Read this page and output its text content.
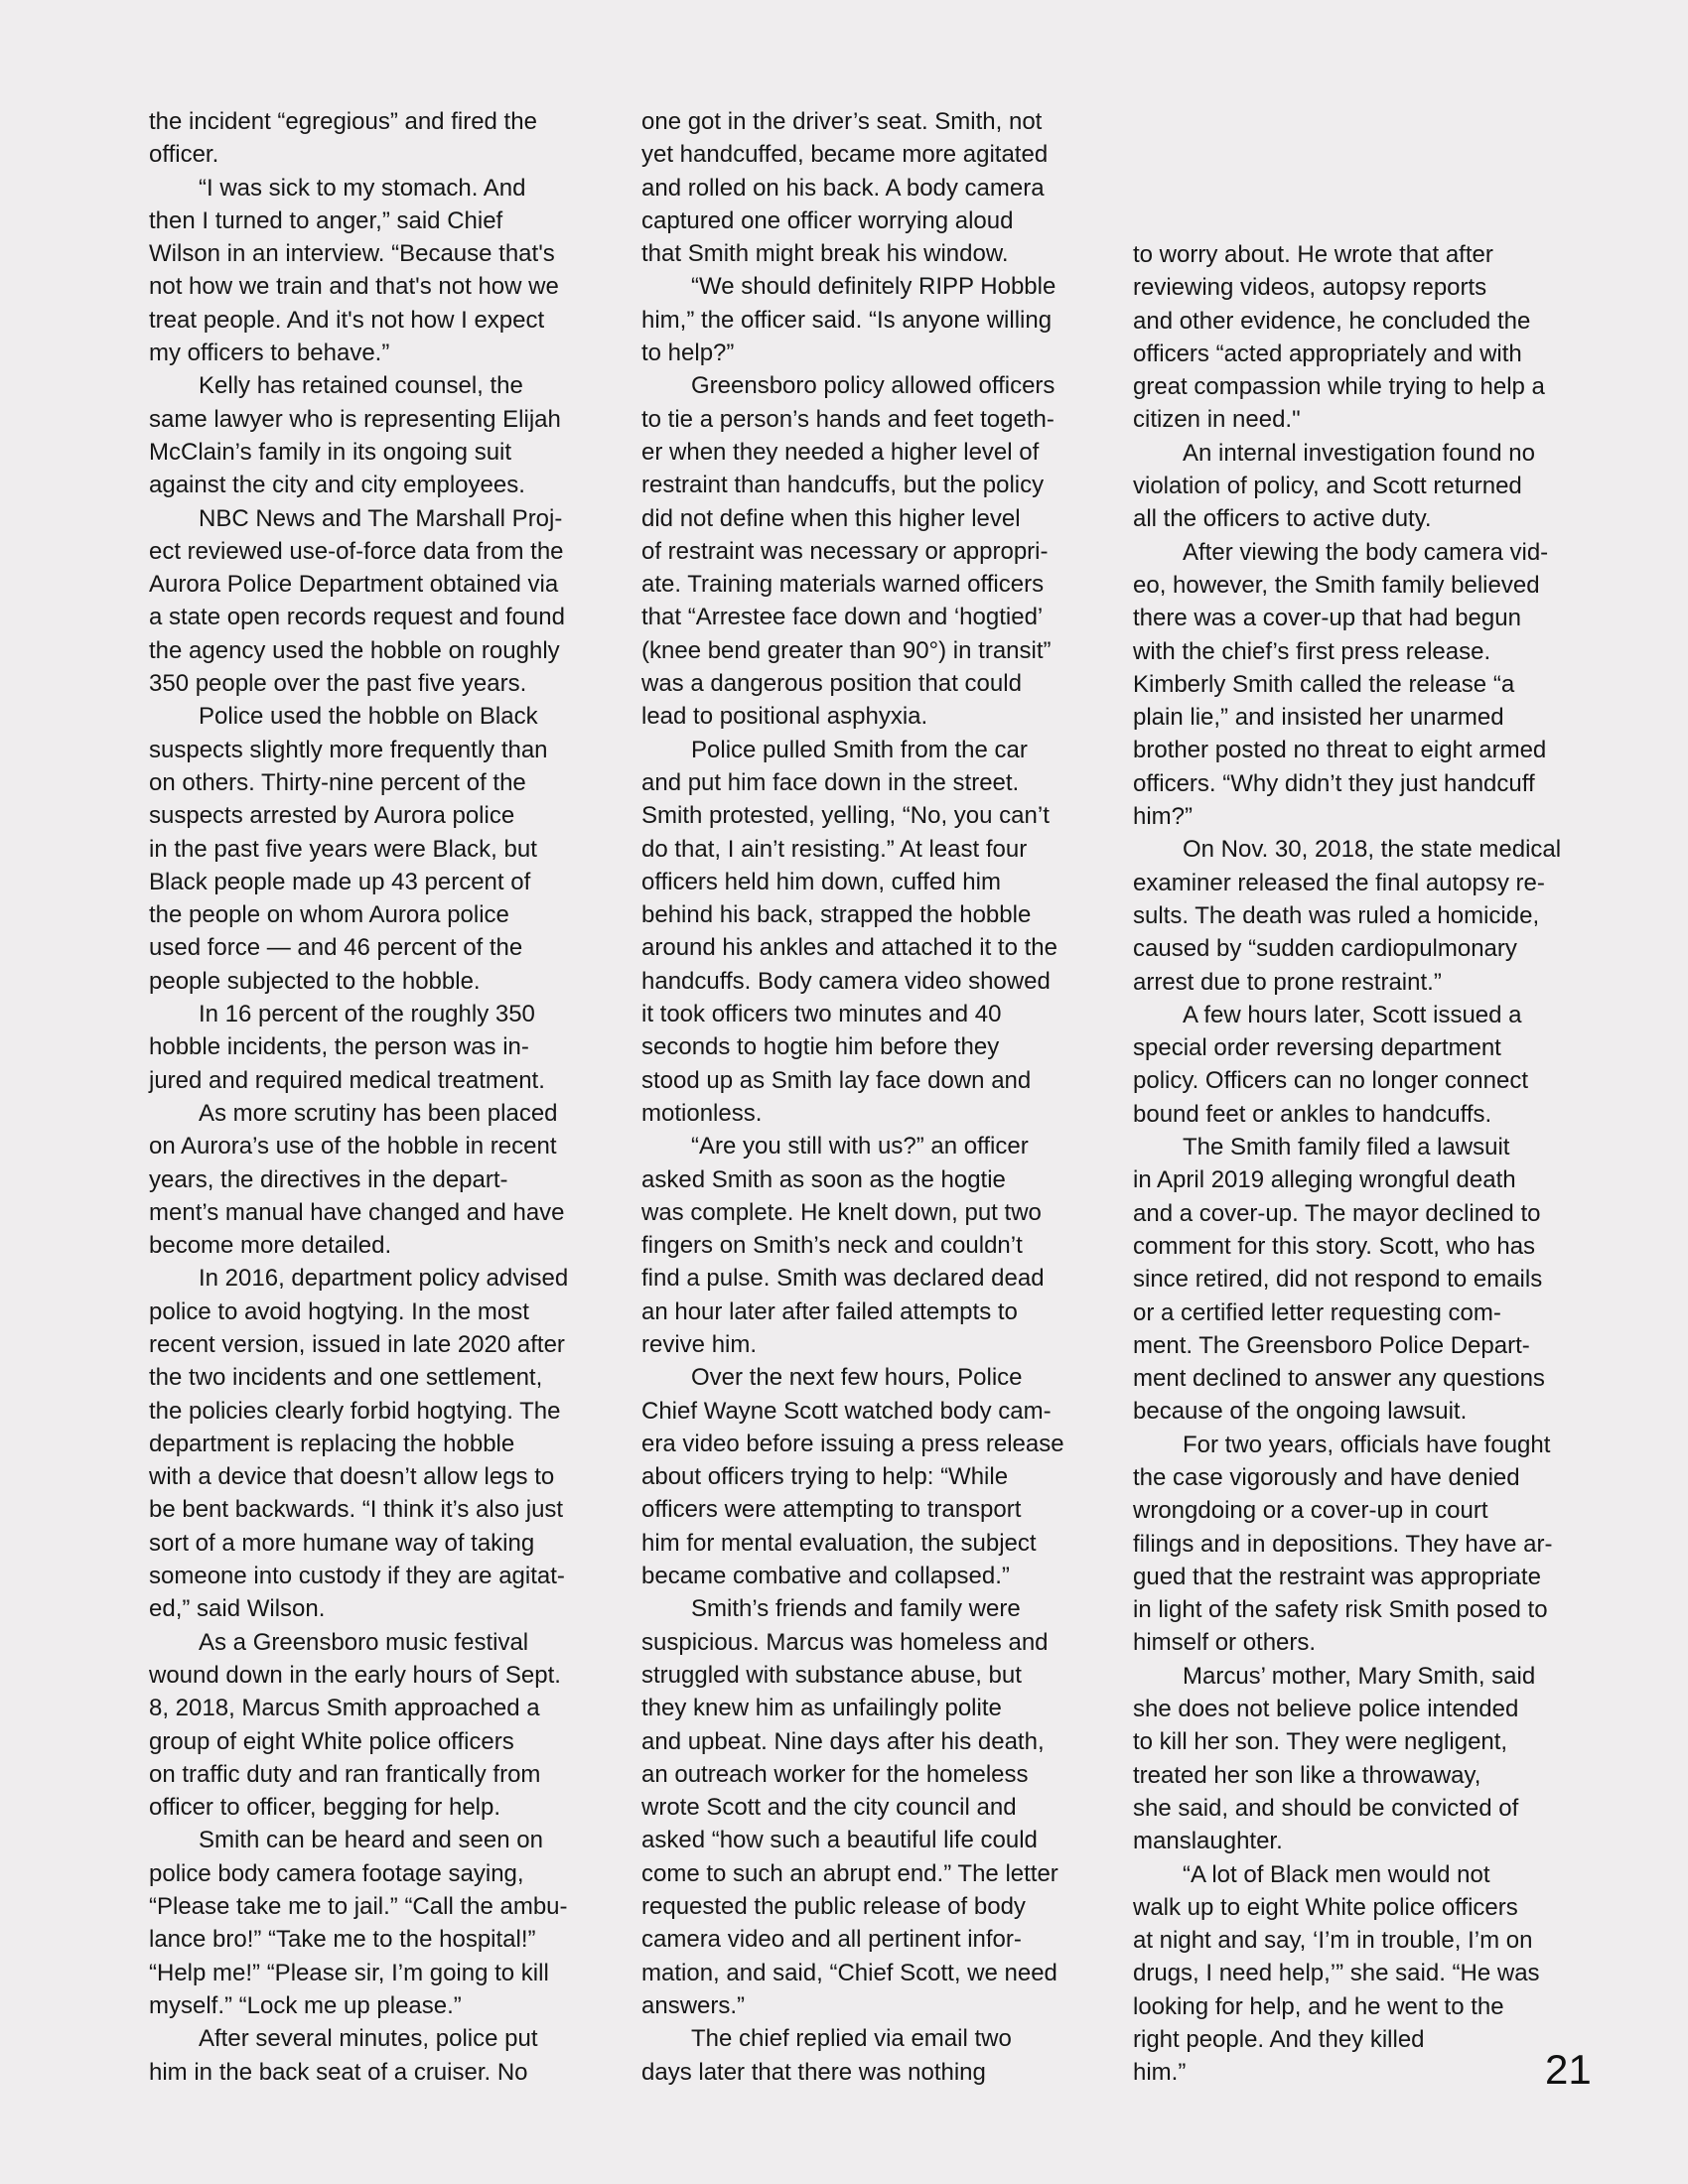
the incident “egregious” and fired the
officer.
“I was sick to my stomach. And
then I turned to anger,” said Chief
Wilson in an interview. “Because that's
not how we train and that's not how we
treat people. And it's not how I expect
my officers to behave.”
Kelly has retained counsel, the
same lawyer who is representing Elijah
McClain’s family in its ongoing suit
against the city and city employees.
NBC News and The Marshall Proj-
ect reviewed use-of-force data from the
Aurora Police Department obtained via
a state open records request and found
the agency used the hobble on roughly
350 people over the past five years.
Police used the hobble on Black
suspects slightly more frequently than
on others. Thirty-nine percent of the
suspects arrested by Aurora police
in the past five years were Black, but
Black people made up 43 percent of
the people on whom Aurora police
used force — and 46 percent of the
people subjected to the hobble.
In 16 percent of the roughly 350
hobble incidents, the person was in-
jured and required medical treatment.
As more scrutiny has been placed
on Aurora’s use of the hobble in recent
years, the directives in the depart-
ment’s manual have changed and have
become more detailed.
In 2016, department policy advised
police to avoid hogtying. In the most
recent version, issued in late 2020 after
the two incidents and one settlement,
the policies clearly forbid hogtying. The
department is replacing the hobble
with a device that doesn’t allow legs to
be bent backwards. “I think it’s also just
sort of a more humane way of taking
someone into custody if they are agitat-
ed,” said Wilson.
As a Greensboro music festival
wound down in the early hours of Sept.
8, 2018, Marcus Smith approached a
group of eight White police officers
on traffic duty and ran frantically from
officer to officer, begging for help.
Smith can be heard and seen on
police body camera footage saying,
“Please take me to jail.” “Call the ambu-
lance bro!” “Take me to the hospital!”
“Help me!” “Please sir, I’m going to kill
myself.” “Lock me up please.”
After several minutes, police put
him in the back seat of a cruiser. No
one got in the driver’s seat. Smith, not
yet handcuffed, became more agitated
and rolled on his back. A body camera
captured one officer worrying aloud
that Smith might break his window.
“We should definitely RIPP Hobble
him,” the officer said. “Is anyone willing
to help?”
Greensboro policy allowed officers
to tie a person’s hands and feet togeth-
er when they needed a higher level of
restraint than handcuffs, but the policy
did not define when this higher level
of restraint was necessary or appropri-
ate. Training materials warned officers
that “Arrestee face down and ‘hogtied’
(knee bend greater than 90°) in transit”
was a dangerous position that could
lead to positional asphyxia.
Police pulled Smith from the car
and put him face down in the street.
Smith protested, yelling, “No, you can’t
do that, I ain’t resisting.” At least four
officers held him down, cuffed him
behind his back, strapped the hobble
around his ankles and attached it to the
handcuffs. Body camera video showed
it took officers two minutes and 40
seconds to hogtie him before they
stood up as Smith lay face down and
motionless.
“Are you still with us?” an officer
asked Smith as soon as the hogtie
was complete. He knelt down, put two
fingers on Smith’s neck and couldn’t
find a pulse. Smith was declared dead
an hour later after failed attempts to
revive him.
Over the next few hours, Police
Chief Wayne Scott watched body cam-
era video before issuing a press release
about officers trying to help: “While
officers were attempting to transport
him for mental evaluation, the subject
became combative and collapsed.”
Smith’s friends and family were
suspicious. Marcus was homeless and
struggled with substance abuse, but
they knew him as unfailingly polite
and upbeat. Nine days after his death,
an outreach worker for the homeless
wrote Scott and the city council and
asked “how such a beautiful life could
come to such an abrupt end.” The letter
requested the public release of body
camera video and all pertinent infor-
mation, and said, “Chief Scott, we need
answers.”
The chief replied via email two
days later that there was nothing
to worry about. He wrote that after
reviewing videos, autopsy reports
and other evidence, he concluded the
officers “acted appropriately and with
great compassion while trying to help a
citizen in need."
An internal investigation found no
violation of policy, and Scott returned
all the officers to active duty.
After viewing the body camera vid-
eo, however, the Smith family believed
there was a cover-up that had begun
with the chief’s first press release.
Kimberly Smith called the release “a
plain lie,” and insisted her unarmed
brother posted no threat to eight armed
officers. “Why didn’t they just handcuff
him?”
On Nov. 30, 2018, the state medical
examiner released the final autopsy re-
sults. The death was ruled a homicide,
caused by “sudden cardiopulmonary
arrest due to prone restraint.”
A few hours later, Scott issued a
special order reversing department
policy. Officers can no longer connect
bound feet or ankles to handcuffs.
The Smith family filed a lawsuit
in April 2019 alleging wrongful death
and a cover-up. The mayor declined to
comment for this story. Scott, who has
since retired, did not respond to emails
or a certified letter requesting com-
ment. The Greensboro Police Depart-
ment declined to answer any questions
because of the ongoing lawsuit.
For two years, officials have fought
the case vigorously and have denied
wrongdoing or a cover-up in court
filings and in depositions. They have ar-
gued that the restraint was appropriate
in light of the safety risk Smith posed to
himself or others.
Marcus’ mother, Mary Smith, said
she does not believe police intended
to kill her son. They were negligent,
treated her son like a throwaway,
she said, and should be convicted of
manslaughter.
“A lot of Black men would not
walk up to eight White police officers
at night and say, ‘I’m in trouble, I’m on
drugs, I need help,’” she said. “He was
looking for help, and he went to the
right people. And they killed
him.”	21
